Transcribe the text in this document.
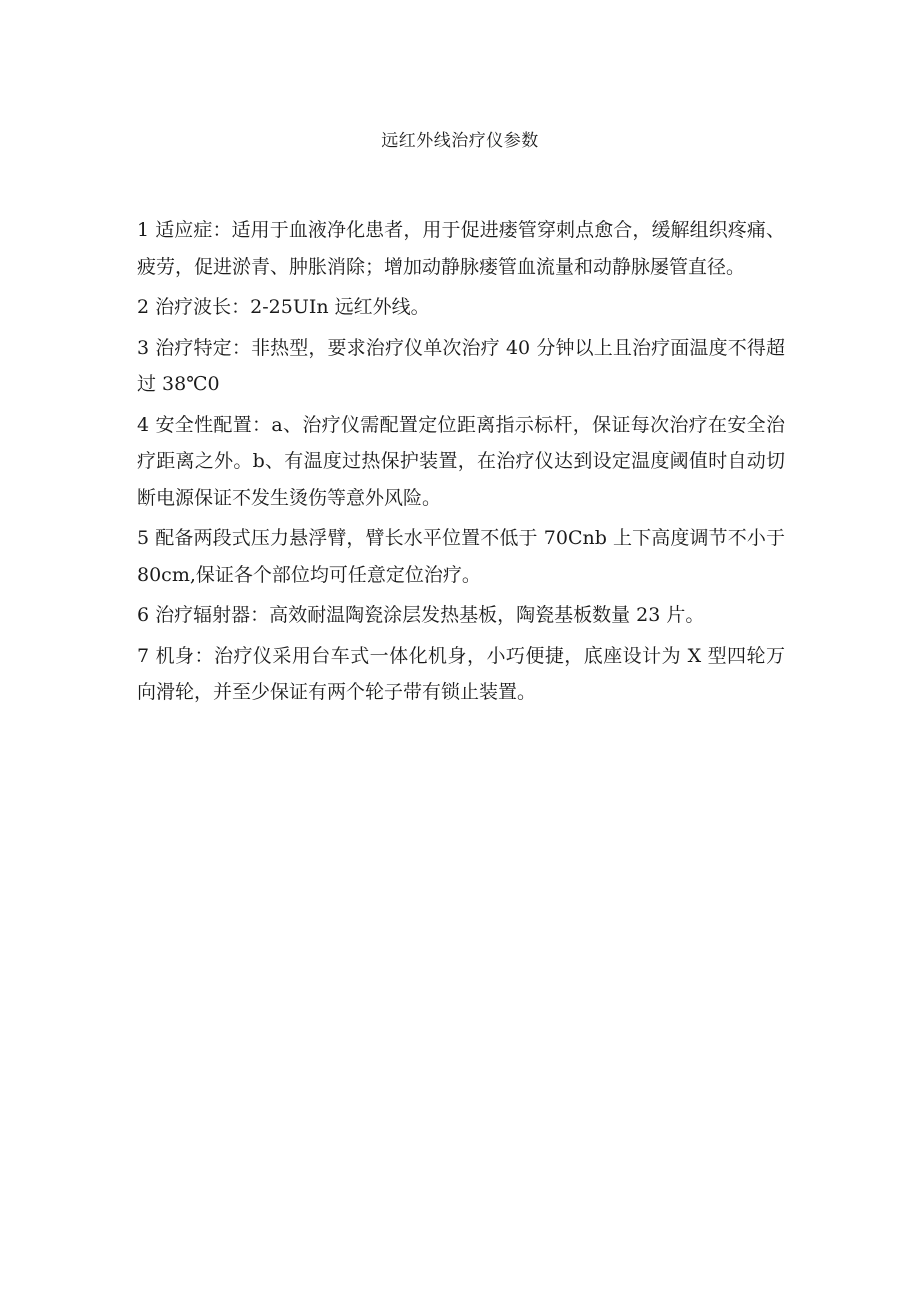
远红外线治疗仪参数

1 适应症：适用于血液净化患者，用于促进瘘管穿刺点愈合，缓解组织疼痛、疲劳，促进淤青、肿胀消除；增加动静脉瘘管血流量和动静脉屡管直径。

2 治疗波长：2-25UIn 远红外线。

3 治疗特定：非热型，要求治疗仪单次治疗 40 分钟以上且治疗面温度不得超过 38℃0

4 安全性配置：a、治疗仪需配置定位距离指示标杆，保证每次治疗在安全治疗距离之外。b、有温度过热保护装置，在治疗仪达到设定温度阈值时自动切断电源保证不发生烫伤等意外风险。

5 配备两段式压力悬浮臂，臂长水平位置不低于 70Cnb 上下高度调节不小于 80cm,保证各个部位均可任意定位治疗。

6 治疗辐射器：高效耐温陶瓷涂层发热基板，陶瓷基板数量 23 片。

7 机身：治疗仪采用台车式一体化机身，小巧便捷，底座设计为 X 型四轮万向滑轮，并至少保证有两个轮子带有锁止装置。
